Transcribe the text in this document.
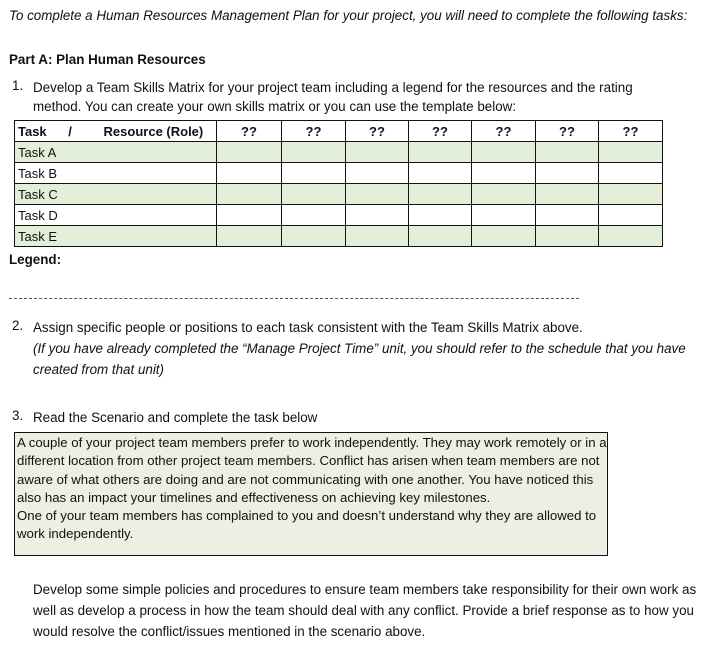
To complete a Human Resources Management Plan for your project, you will need to complete the following tasks:
Part A: Plan Human Resources
1. Develop a Team Skills Matrix for your project team including a legend for the resources and the rating method. You can create your own skills matrix or you can use the template below:
Task / Resource (Role)	??	??	??	??	??	??	??
Task A							
Task B							
Task C							
Task D							
Task E							
Legend:
2. Assign specific people or positions to each task consistent with the Team Skills Matrix above.
(If you have already completed the “Manage Project Time” unit, you should refer to the schedule that you have created from that unit)
3. Read the Scenario and complete the task below

A couple of your project team members prefer to work independently. They may work remotely or in a different location from other project team members. Conflict has arisen when team members are not aware of what others are doing and are not communicating with one another. You have noticed this also has an impact your timelines and effectiveness on achieving key milestones.

One of your team members has complained to you and doesn’t understand why they are allowed to work independently.

Develop some simple policies and procedures to ensure team members take responsibility for their own work as well as develop a process in how the team should deal with any conflict. Provide a brief response as to how you would resolve the conflict/issues mentioned in the scenario above.
